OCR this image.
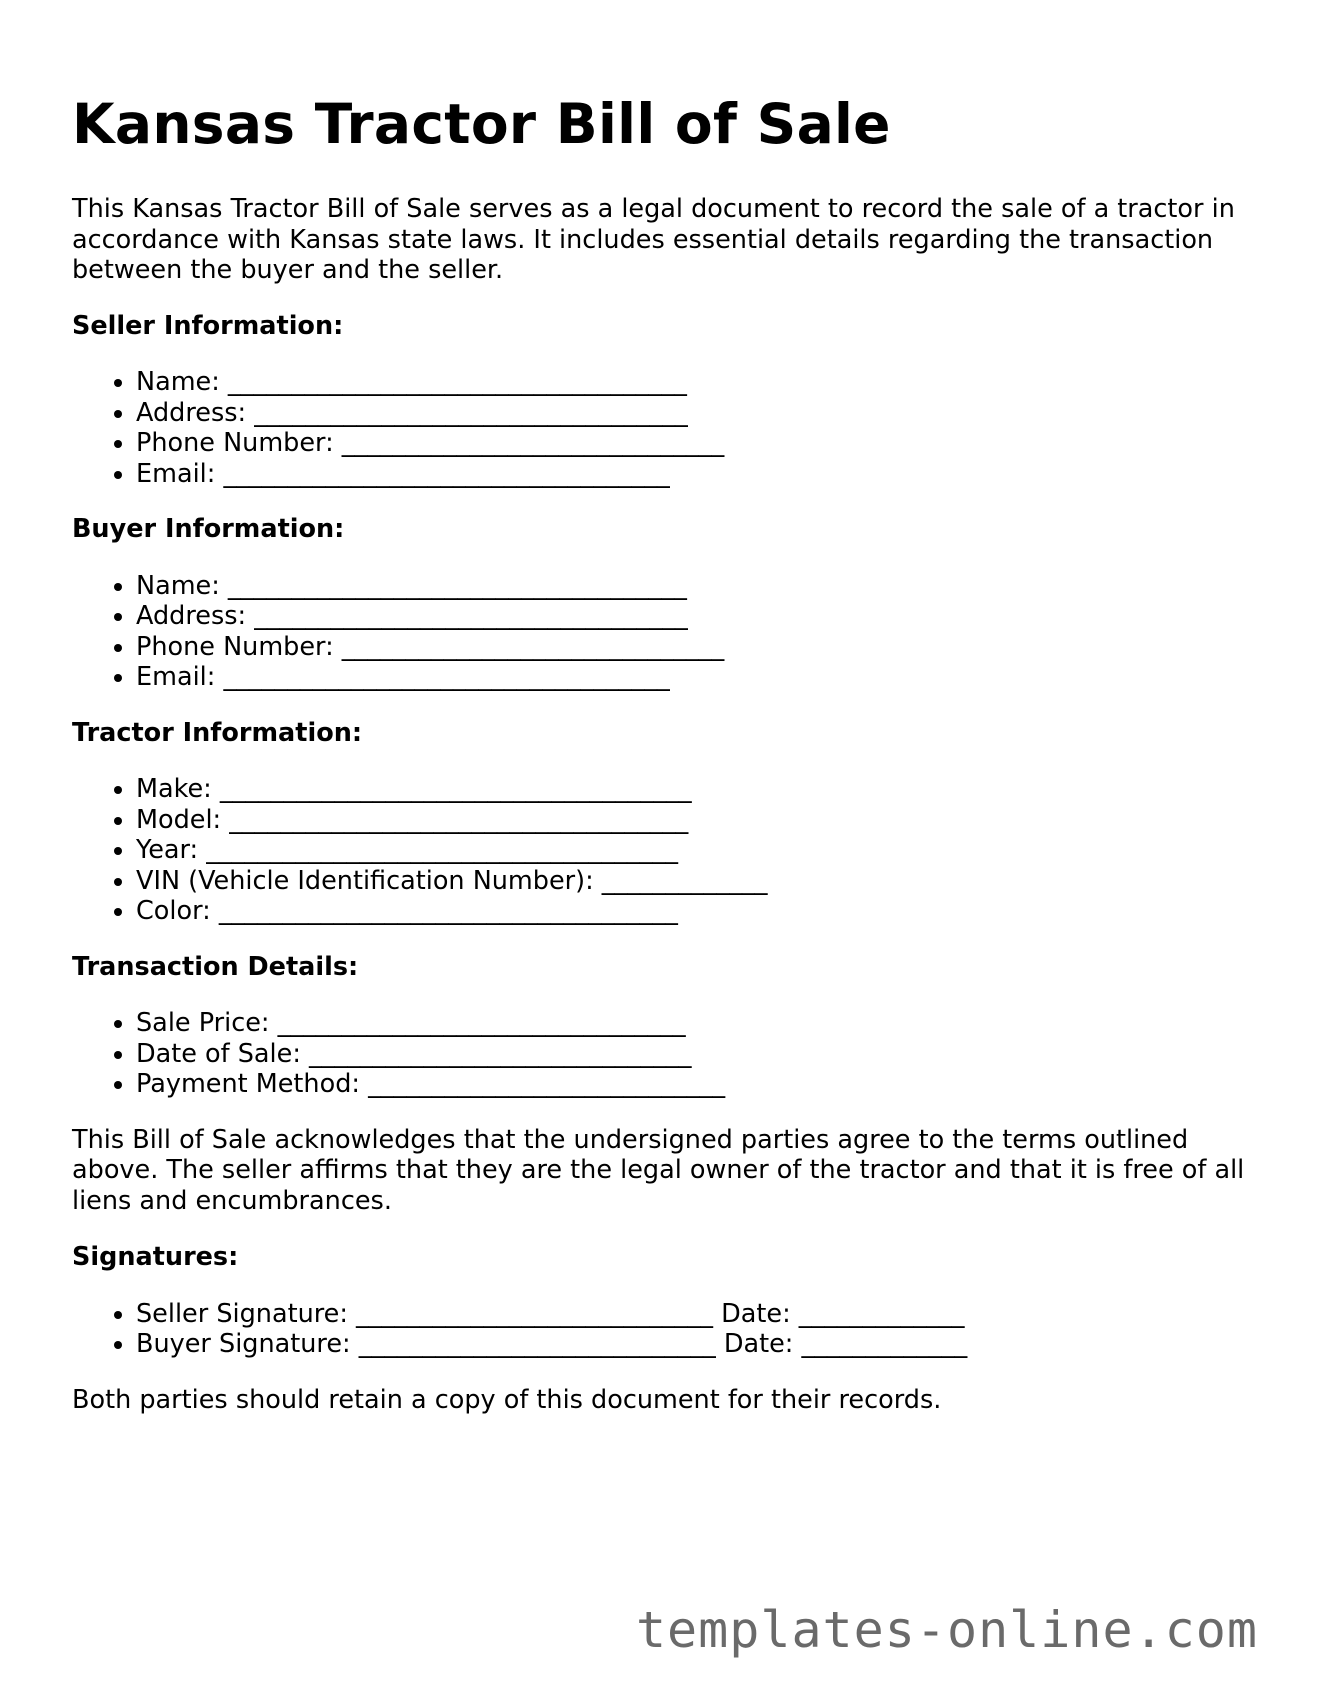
Kansas Tractor Bill of Sale

This Kansas Tractor Bill of Sale serves as a legal document to record the sale of a tractor in accordance with Kansas state laws. It includes essential details regarding the transaction between the buyer and the seller.

Seller Information:
• Name: ____________________________________
• Address: __________________________________
• Phone Number: ______________________________
• Email: ___________________________________
Buyer Information:
• Name: ____________________________________
• Address: __________________________________
• Phone Number: ______________________________
• Email: ___________________________________
Tractor Information:
• Make: _____________________________________
• Model: ____________________________________
• Year: _____________________________________
• VIN (Vehicle Identification Number): _____________
• Color: ____________________________________
Transaction Details:
• Sale Price: ________________________________
• Date of Sale: ______________________________
• Payment Method: ____________________________

This Bill of Sale acknowledges that the undersigned parties agree to the terms outlined above. The seller affirms that they are the legal owner of the tractor and that it is free of all liens and encumbrances.

Signatures:
• Seller Signature: ____________________________ Date: _____________
• Buyer Signature: ____________________________ Date: _____________

Both parties should retain a copy of this document for their records.

templates-online.com
